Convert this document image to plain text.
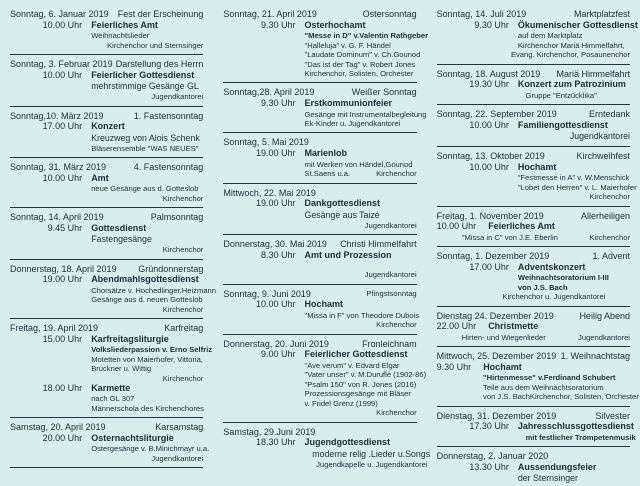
Sonntag, 6. Januar 2019 Fest der Erscheinung
10.00 Uhr	Feierliches Amt
Weihnachtslieder
Kirchenchor und Sternsinger
Sonntag, 3. Februar 2019 Darstellung des Herrn
10.00 Uhr	Feierlicher Gottesdienst
mehrstimmige Gesänge GL
Jugendkantorei
Sonntag,10. März 2019	1. Fastensonntag
17.00 Uhr	Konzert
Kreuzweg von Alois Schenk
Bläserensemble "WAS NEUES"
Sonntag, 31. März 2019	4. Fastensonntag
10.00 Uhr	Amt
neue Gesänge aus d. Gotteslob
Kirchenchor
Sonntag, 14. April 2019	Palmsonntag
9.45 Uhr	Gottesdienst
Fastengesänge
Kirchenchor
Donnerstag, 18. April 2019 Gründonnerstag
19.00 Uhr	Abendmahlsgottesdienst
Chorsätze v. Hochedlinger,Heizmann
Gesänge aus d. neuen Gotteslob
Kirchenchor
Freitag, 19. April 2019	Karfreitag
15.00 Uhr	Karfreitagsliturgie
Volksliederpassion v. Erno Selfriz
Motetten von Maierhofer, Vittoria,
Bruckner u. Wittig
Kirchenchor
18.00 Uhr	Karmette
nach GL 307
Männerschola des Kirchenchores
Samstag, 20. April 2019	Karsamstag
20.00 Uhr	Osternachtsliturgie
Ostergesänge v. B.Minichmayr u.a.
Jugendkantorei
Sonntag, 21. April 2019	Ostersonntag
9.30 Uhr	Osterhochamt
"Messe in D" v.Valentin Rathgeber
"Halleluja" v. G. F. Händel
"Laudate Dominum" v. Ch.Gounod
"Das ist der Tag" v. Robert Jones
Kirchenchor, Solisten, Orchester
Sonntag,28. April 2019	Weißer Sonntag
9.30 Uhr	Erstkommunionfeier
Gesänge mit Instrumentalbegleitung
Ek-Kinder u. Jugendkantorei
Sonntag, 5. Mai 2019
19.00 Uhr	Marienlob
mit Werken von Händel,Gounod
St.Saens u.a.	Kirchenchor
Mittwoch, 22. Mai 2019
19.00 Uhr	Dankgottesdienst
Gesänge aus Taizé
Jugendkantorei
Donnerstag, 30. Mai 2019 Christi Himmelfahrt
8.30 Uhr	Amt und Prozession
Jugendkantorei
Sonntag, 9. Juni 2019	Pfingstsonntag
10.00 Uhr	Hochamt
"Missa in F" von Theodore Dubois
Kirchenchor
Donnerstag, 20. Juni 2019	Fronleichnam
9.00 Uhr	Feierlicher Gottesdienst
"Ave verum" v. Edvard Elgar
"Vater unser" v. M.Duruflé (1902-86)
"Psalm 150" von R. Jones (2016)
Prozessionsgesänge mit Bläser
v. Fridel Grenz (1999)
Kirchenchor
Samstag, 29.Juni 2019
18.30 Uhr	Jugendgottesdienst
moderne relig .Lieder u.Songs
Jugendkapelle u. Jugendkantorei
Sonntag, 14. Juli 2019	Marktplatzfest
9.30 Uhr	Ökumenischer Gottesdienst
auf dem Marktplatz
Kirchenchor Mariä Himmelfahrt,
Evang. Kirchenchor, Posaunenchor
Sonntag, 18. August 2019 Mariä Himmelfahrt
19.30 Uhr	Konzert zum Patrozinium
Gruppe "Entzücklika"
Sonntag, 22. September 2019	Erntedank
10.00 Uhr	Familiengottesdienst
Jugendkantorei
Sonntag, 13. Oktober 2019	Kirchweihfest
10.00 Uhr	Hochamt
"Festmesse in A" v. W.Menschick
"Lobet den Herren" v. L. Maierhofer
Kirchenchor
Freitag, 1. November 2019	Allerheiligen
10.00 Uhr	Feierliches Amt
"Missa in C" von J.E. Eberlin	Kirchenchor
Sonntag, 1. Dezember 2019	1. Advent
17.00 Uhr	Adventskonzert
Weihnachtsoratorium I-III
von J.S. Bach
Kirchenchor u. Jugendkantorei
Dienstag 24. Dezember 2019	Heilig Abend
22.00 Uhr	Christmette
Hirten- und Wiegenlieder	Jugendkantorei
Mittwoch, 25. Dezember 2019 1. Weihnachtstag
9.30 Uhr	Hochamt
"Hirtenmesse" v.Ferdinand Schubert
Teile aus dem Weihnachtsoratorium
von J.S. Bach Kirchenchor, Solisten, Orchester
Dienstag, 31. Dezember 2019	Silvester
17.30 Uhr	Jahresschlussgottesdienst
mit festlicher Trompetenmusik
Donnerstag, 2. Januar 2020
13.30 Uhr	Aussendungsfeier
der Sternsinger
